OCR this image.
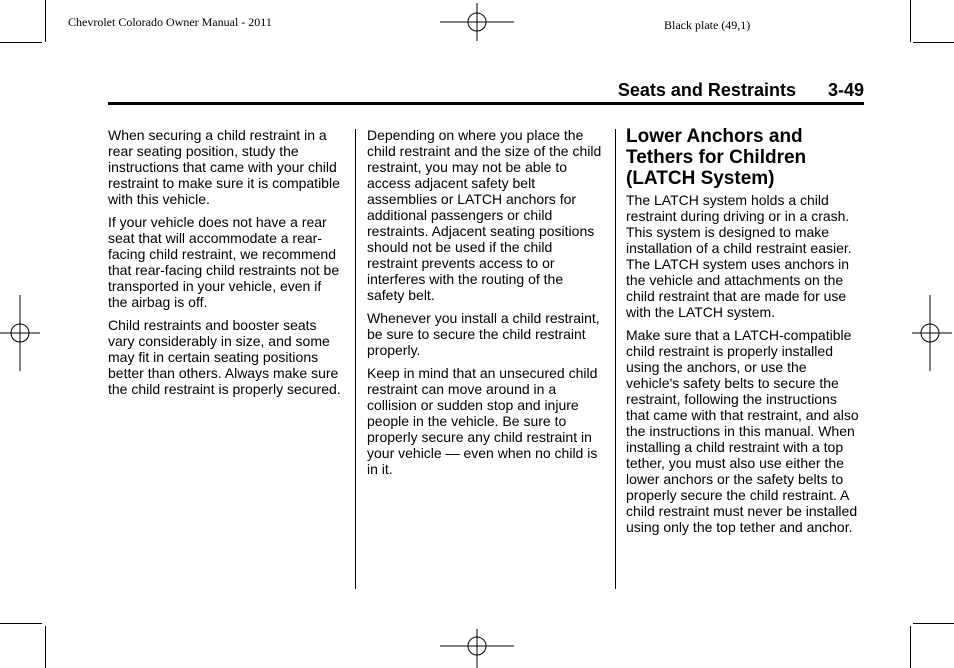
Chevrolet Colorado Owner Manual - 2011	Black plate (49,1)
Seats and Restraints 3-49

When securing a child restraint in a rear seating position, study the instructions that came with your child restraint to make sure it is compatible with this vehicle.

If your vehicle does not have a rear seat that will accommodate a rear-facing child restraint, we recommend that rear-facing child restraints not be transported in your vehicle, even if the airbag is off.

Child restraints and booster seats vary considerably in size, and some may fit in certain seating positions better than others. Always make sure the child restraint is properly secured.

Depending on where you place the child restraint and the size of the child restraint, you may not be able to access adjacent safety belt assemblies or LATCH anchors for additional passengers or child restraints. Adjacent seating positions should not be used if the child restraint prevents access to or interferes with the routing of the safety belt.

Whenever you install a child restraint, be sure to secure the child restraint properly.

Keep in mind that an unsecured child restraint can move around in a collision or sudden stop and injure people in the vehicle. Be sure to properly secure any child restraint in your vehicle — even when no child is in it.

Lower Anchors and Tethers for Children (LATCH System)

The LATCH system holds a child restraint during driving or in a crash. This system is designed to make installation of a child restraint easier. The LATCH system uses anchors in the vehicle and attachments on the child restraint that are made for use with the LATCH system.

Make sure that a LATCH-compatible child restraint is properly installed using the anchors, or use the vehicle's safety belts to secure the restraint, following the instructions that came with that restraint, and also the instructions in this manual. When installing a child restraint with a top tether, you must also use either the lower anchors or the safety belts to properly secure the child restraint. A child restraint must never be installed using only the top tether and anchor.
